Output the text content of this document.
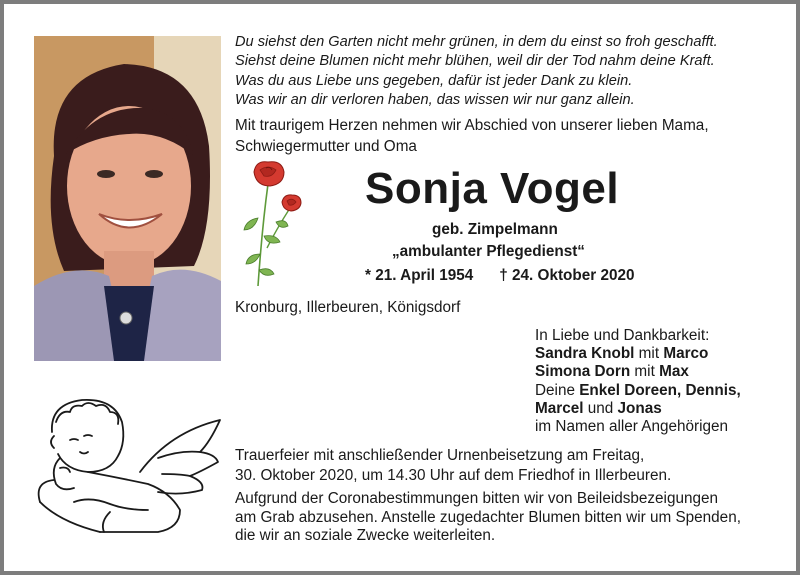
Du siehst den Garten nicht mehr grünen, in dem du einst so froh geschafft.
Siehst deine Blumen nicht mehr blühen, weil dir der Tod nahm deine Kraft.
Was du aus Liebe uns gegeben, dafür ist jeder Dank zu klein.
Was wir an dir verloren haben, das wissen wir nur ganz allein.
Mit traurigem Herzen nehmen wir Abschied von unserer lieben Mama,
Schwiegermutter und Oma
Sonja Vogel
geb. Zimpelmann
„ambulanter Pflegedienst“
* 21. April 1954 † 24. Oktober 2020
Kronburg, Illerbeuren, Königsdorf
In Liebe und Dankbarkeit:
Sandra Knobl mit Marco
Simona Dorn mit Max
Deine Enkel Doreen, Dennis,
Marcel und Jonas
im Namen aller Angehörigen
Trauerfeier mit anschließender Urnenbeisetzung am Freitag,
30. Oktober 2020, um 14.30 Uhr auf dem Friedhof in Illerbeuren.
Aufgrund der Coronabestimmungen bitten wir von Beileidsbezeigungen
am Grab abzusehen. Anstelle zugedachter Blumen bitten wir um Spenden,
die wir an soziale Zwecke weiterleiten.
